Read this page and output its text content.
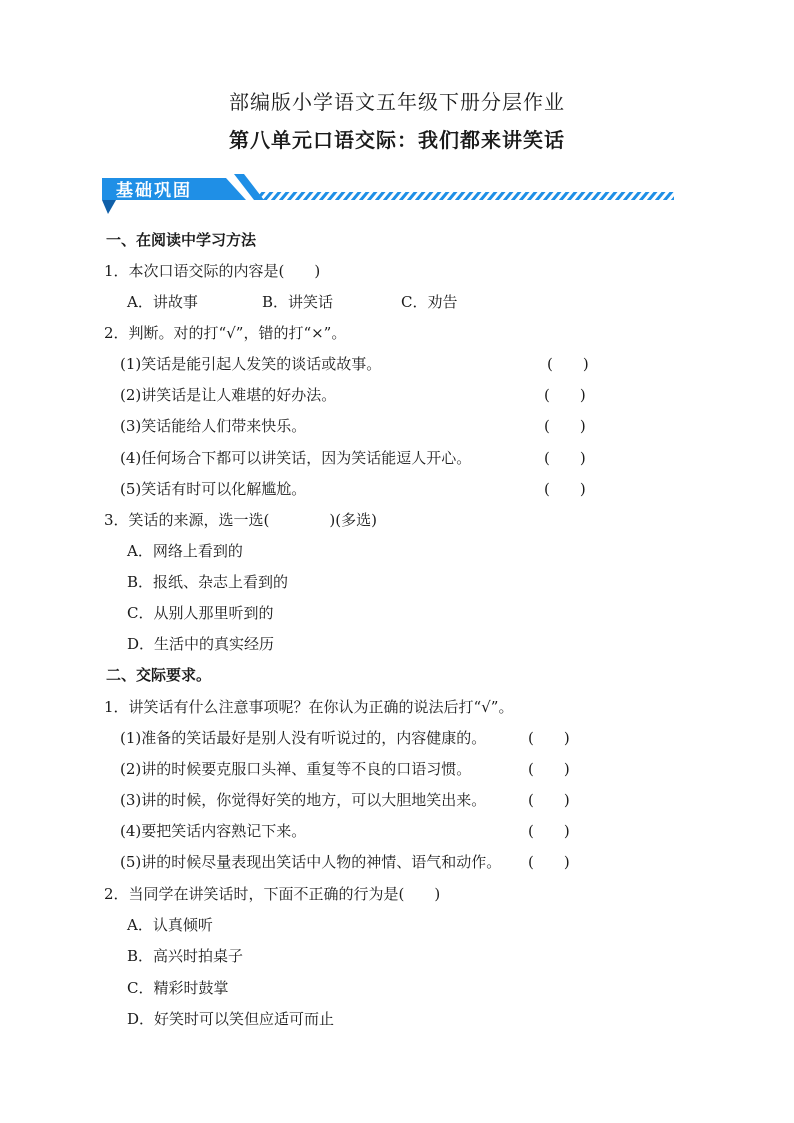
部编版小学语文五年级下册分层作业
第八单元口语交际：我们都来讲笑话
基础巩固
一、在阅读中学习方法
1．本次口语交际的内容是(　　)
A．讲故事	B．讲笑话	C．劝告
2．判断。对的打“√”，错的打“×”。
(1)笑话是能引起人发笑的谈话或故事。	(　　)
(2)讲笑话是让人难堪的好办法。	(　　)
(3)笑话能给人们带来快乐。	(　　)
(4)任何场合下都可以讲笑话，因为笑话能逗人开心。	(　　)
(5)笑话有时可以化解尴尬。	(　　)
3．笑话的来源，选一选(　　　　)(多选)
A．网络上看到的
B．报纸、杂志上看到的
C．从别人那里听到的
D．生活中的真实经历
二、交际要求。
1．讲笑话有什么注意事项呢？在你认为正确的说法后打“√”。
(1)准备的笑话最好是别人没有听说过的，内容健康的。	(　　)
(2)讲的时候要克服口头禅、重复等不良的口语习惯。	(　　)
(3)讲的时候，你觉得好笑的地方，可以大胆地笑出来。	(　　)
(4)要把笑话内容熟记下来。	(　　)
(5)讲的时候尽量表现出笑话中人物的神情、语气和动作。 (　　)
2．当同学在讲笑话时，下面不正确的行为是(　　)
A．认真倾听
B．高兴时拍桌子
C．精彩时鼓掌
D．好笑时可以笑但应适可而止
